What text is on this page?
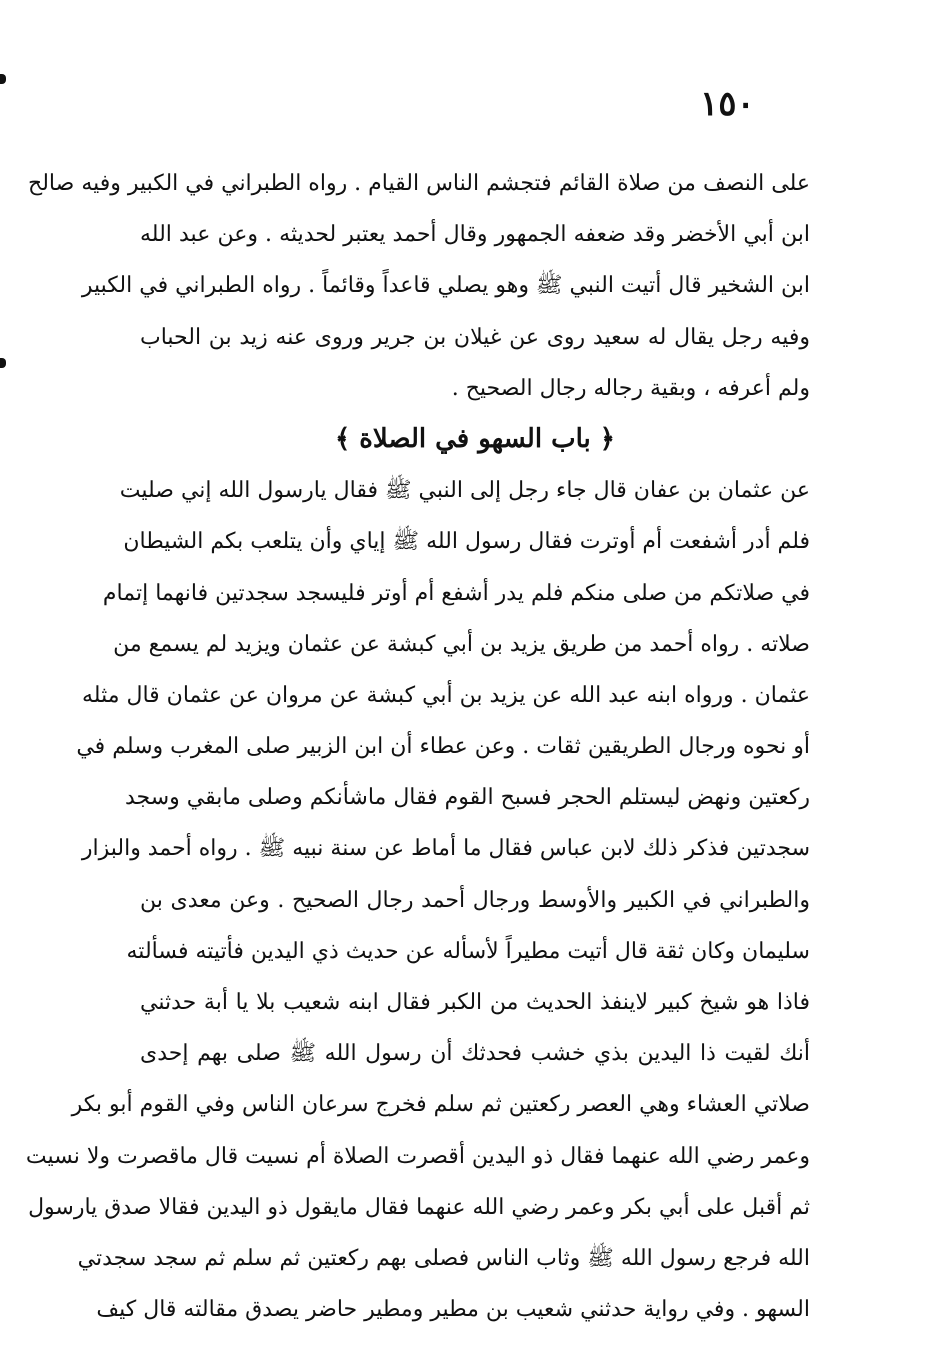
١٥٠
على النصف من صلاة القائم فتجشم الناس القيام . رواه الطبراني في الكبير وفيه صالح
ابن أبي الأخضر وقد ضعفه الجمهور وقال أحمد يعتبر لحديثه . وعن عبد الله
ابن الشخير قال أتيت النبي ﷺ وهو يصلي قاعداً وقائماً . رواه الطبراني في الكبير
وفيه رجل يقال له سعيد روى عن غيلان بن جرير وروى عنه زيد بن الحباب
ولم أعرفه ، وبقية رجاله رجال الصحيح .
﴿ باب السهو في الصلاة ﴾
عن عثمان بن عفان قال جاء رجل إلى النبي ﷺ فقال يارسول الله إني صليت
فلم أدر أشفعت أم أوترت فقال رسول الله ﷺ إياي وأن يتلعب بكم الشيطان
في صلاتكم من صلى منكم فلم يدر أشفع أم أوتر فليسجد سجدتين فانهما إتمام
صلاته . رواه أحمد من طريق يزيد بن أبي كبشة عن عثمان ويزيد لم يسمع من
عثمان . ورواه ابنه عبد الله عن يزيد بن أبي كبشة عن مروان عن عثمان قال مثله
أو نحوه ورجال الطريقين ثقات . وعن عطاء أن ابن الزبير صلى المغرب وسلم في
ركعتين ونهض ليستلم الحجر فسبح القوم فقال ماشأنكم وصلى مابقي وسجد
سجدتين فذكر ذلك لابن عباس فقال ما أماط عن سنة نبيه ﷺ . رواه أحمد والبزار
والطبراني في الكبير والأوسط ورجال أحمد رجال الصحيح . وعن معدى بن
سليمان وكان ثقة قال أتيت مطيراً لأسأله عن حديث ذي اليدين فأتيته فسألته
فاذا هو شيخ كبير لاينفذ الحديث من الكبر فقال ابنه شعيب بلا يا أبة حدثني
أنك لقيت ذا اليدين بذي خشب فحدثك أن رسول الله ﷺ صلى بهم إحدى
صلاتي العشاء وهي العصر ركعتين ثم سلم فخرج سرعان الناس وفي القوم أبو بكر
وعمر رضي الله عنهما فقال ذو اليدين أقصرت الصلاة أم نسيت قال ماقصرت ولا نسيت
ثم أقبل على أبي بكر وعمر رضي الله عنهما فقال مايقول ذو اليدين فقالا صدق يارسول
الله فرجع رسول الله ﷺ وثاب الناس فصلى بهم ركعتين ثم سلم ثم سجد سجدتي
السهو . وفي رواية حدثني شعيب بن مطير ومطير حاضر يصدق مقالته قال كيف
